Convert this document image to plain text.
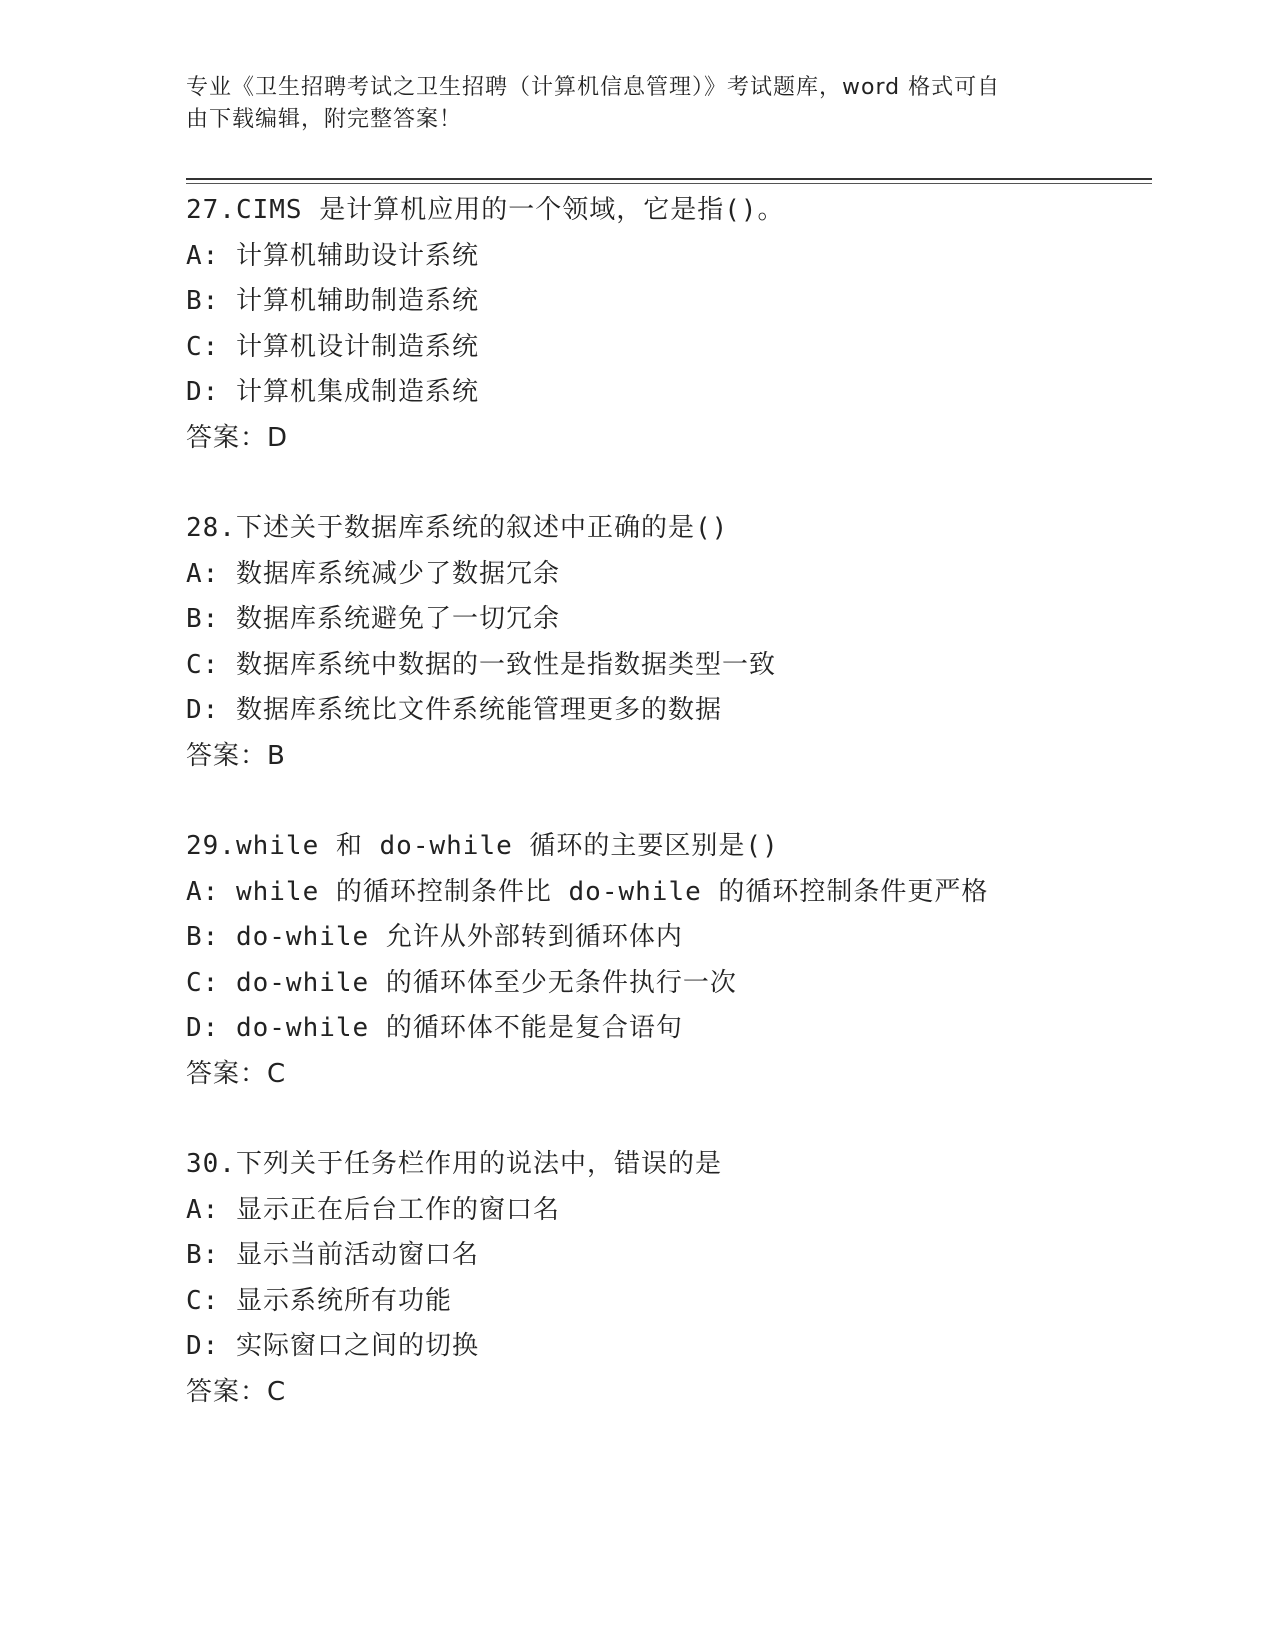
专业《卫生招聘考试之卫生招聘（计算机信息管理）》考试题库，word 格式可自
由下载编辑，附完整答案！
27.CIMS 是计算机应用的一个领域，它是指()。
A: 计算机辅助设计系统
B: 计算机辅助制造系统
C: 计算机设计制造系统
D: 计算机集成制造系统
答案：D
28.下述关于数据库系统的叙述中正确的是()
A: 数据库系统减少了数据冗余
B: 数据库系统避免了一切冗余
C: 数据库系统中数据的一致性是指数据类型一致
D: 数据库系统比文件系统能管理更多的数据
答案：B
29.while 和 do-while 循环的主要区别是()
A: while 的循环控制条件比 do-while 的循环控制条件更严格
B: do-while 允许从外部转到循环体内
C: do-while 的循环体至少无条件执行一次
D: do-while 的循环体不能是复合语句
答案：C
30.下列关于任务栏作用的说法中，错误的是
A: 显示正在后台工作的窗口名
B: 显示当前活动窗口名
C: 显示系统所有功能
D: 实际窗口之间的切换
答案：C
